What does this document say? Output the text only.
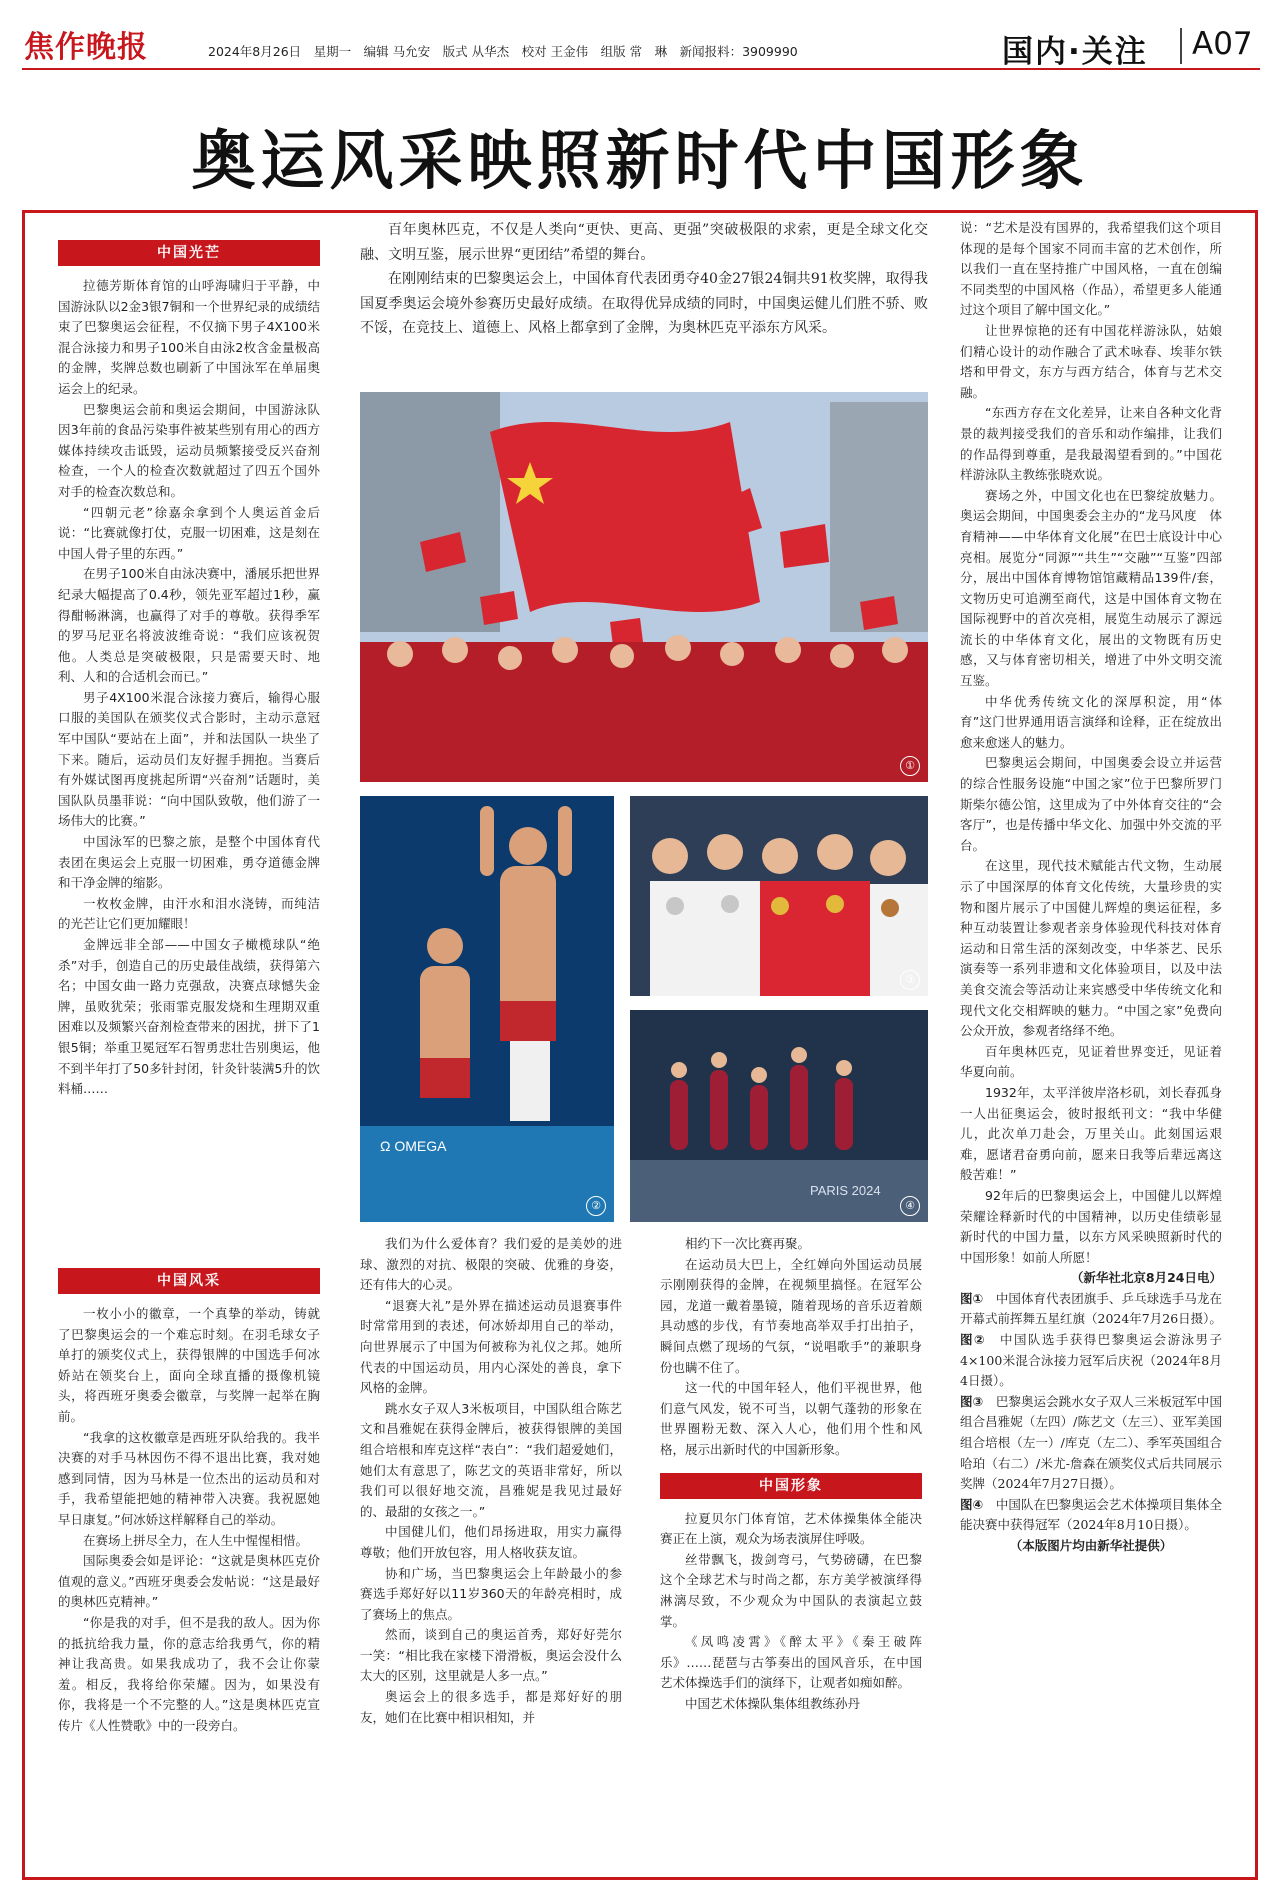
焦作晚报	2024年8月26日　星期一　编辑 马允安　版式 从华杰　校对 王金伟　组版 常　琳　新闻报料：3909990	国内·关注 A07
奥运风采映照新时代中国形象
中国光芒

拉德芳斯体育馆的山呼海啸归于平静，中国游泳队以2金3银7铜和一个世界纪录的成绩结束了巴黎奥运会征程，不仅摘下男子4X100米混合泳接力和男子100米自由泳2枚含金量极高的金牌，奖牌总数也刷新了中国泳军在单届奥运会上的纪录。

巴黎奥运会前和奥运会期间，中国游泳队因3年前的食品污染事件被某些别有用心的西方媒体持续攻击诋毁，运动员频繁接受反兴奋剂检查，一个人的检查次数就超过了四五个国外对手的检查次数总和。

“四朝元老”徐嘉余拿到个人奥运首金后说：“比赛就像打仗，克服一切困难，这是刻在中国人骨子里的东西。”

在男子100米自由泳决赛中，潘展乐把世界纪录大幅提高了0.4秒，领先亚军超过1秒，赢得酣畅淋漓，也赢得了对手的尊敬。获得季军的罗马尼亚名将波波维奇说：“我们应该祝贺他。人类总是突破极限，只是需要天时、地利、人和的合适机会而已。”

男子4X100米混合泳接力赛后，输得心服口服的美国队在颁奖仪式合影时，主动示意冠军中国队“要站在上面”，并和法国队一块坐了下来。随后，运动员们友好握手拥抱。当赛后有外媒试图再度挑起所谓“兴奋剂”话题时，美国队队员墨菲说：“向中国队致敬，他们游了一场伟大的比赛。”

中国泳军的巴黎之旅，是整个中国体育代表团在奥运会上克服一切困难，勇夺道德金牌和干净金牌的缩影。

一枚枚金牌，由汗水和泪水浇铸，而纯洁的光芒让它们更加耀眼！

金牌远非全部——中国女子橄榄球队“绝杀”对手，创造自己的历史最佳战绩，获得第六名；中国女曲一路力克强敌，决赛点球憾失金牌，虽败犹荣；张雨霏克服发烧和生理期双重困难以及频繁兴奋剂检查带来的困扰，拼下了1银5铜；举重卫冕冠军石智勇悲壮告别奥运，他不到半年打了50多针封闭，针灸针装满5升的饮料桶……

中国风采

一枚小小的徽章，一个真挚的举动，铸就了巴黎奥运会的一个难忘时刻。在羽毛球女子单打的颁奖仪式上，获得银牌的中国选手何冰娇站在领奖台上，面向全球直播的摄像机镜头，将西班牙奥委会徽章，与奖牌一起举在胸前。

“我拿的这枚徽章是西班牙队给我的。我半决赛的对手马林因伤不得不退出比赛，我对她感到同情，因为马林是一位杰出的运动员和对手，我希望能把她的精神带入决赛。我祝愿她早日康复。”何冰娇这样解释自己的举动。

在赛场上拼尽全力，在人生中惺惺相惜。

国际奥委会如是评论：“这就是奥林匹克价值观的意义。”西班牙奥委会发帖说：“这是最好的奥林匹克精神。”

“你是我的对手，但不是我的敌人。因为你的抵抗给我力量，你的意志给我勇气，你的精神让我高贵。如果我成功了，我不会让你蒙羞。相反，我将给你荣耀。因为，如果没有你，我将是一个不完整的人。”这是奥林匹克宣传片《人性赞歌》中的一段旁白。

百年奥林匹克，不仅是人类向“更快、更高、更强”突破极限的求索，更是全球文化交融、文明互鉴，展示世界“更团结”希望的舞台。

在刚刚结束的巴黎奥运会上，中国体育代表团勇夺40金27银24铜共91枚奖牌，取得我国夏季奥运会境外参赛历史最好成绩。在取得优异成绩的同时，中国奥运健儿们胜不骄、败不馁，在竞技上、道德上、风格上都拿到了金牌，为奥林匹克平添东方风采。

①
Ω OMEGA
②
③
PARIS 2024
④

我们为什么爱体育？我们爱的是美妙的进球、激烈的对抗、极限的突破、优雅的身姿，还有伟大的心灵。

“退赛大礼”是外界在描述运动员退赛事件时常常用到的表述，何冰娇却用自己的举动，向世界展示了中国为何被称为礼仪之邦。她所代表的中国运动员，用内心深处的善良，拿下风格的金牌。

跳水女子双人3米板项目，中国队组合陈艺文和昌雅妮在获得金牌后，被获得银牌的美国组合培根和库克这样“表白”：“我们超爱她们，她们太有意思了，陈艺文的英语非常好，所以我们可以很好地交流，昌雅妮是我见过最好的、最甜的女孩之一。”

中国健儿们，他们昂扬进取，用实力赢得尊敬；他们开放包容，用人格收获友谊。

协和广场，当巴黎奥运会上年龄最小的参赛选手郑好好以11岁360天的年龄亮相时，成了赛场上的焦点。

然而，谈到自己的奥运首秀，郑好好莞尔一笑：“相比我在家楼下滑滑板，奥运会没什么太大的区别，这里就是人多一点。”

奥运会上的很多选手，都是郑好好的朋友，她们在比赛中相识相知，并

相约下一次比赛再聚。

在运动员大巴上，全红婵向外国运动员展示刚刚获得的金牌，在视频里搞怪。在冠军公园，龙道一戴着墨镜，随着现场的音乐迈着颇具动感的步伐，有节奏地高举双手打出拍子，瞬间点燃了现场的气氛，“说唱歌手”的兼职身份也瞒不住了。

这一代的中国年轻人，他们平视世界，他们意气风发，锐不可当，以朝气蓬勃的形象在世界圈粉无数、深入人心，他们用个性和风格，展示出新时代的中国新形象。

中国形象

拉夏贝尔门体育馆，艺术体操集体全能决赛正在上演，观众为场表演屏住呼吸。

丝带飘飞，拨剑弯弓，气势磅礴，在巴黎这个全球艺术与时尚之都，东方美学被演绎得淋漓尽致，不少观众为中国队的表演起立鼓掌。

《凤鸣凌霄》《醉太平》《秦王破阵乐》……琵琶与古筝奏出的国风音乐，在中国艺术体操选手们的演绎下，让观者如痴如醉。

中国艺术体操队集体组教练孙丹

说：“艺术是没有国界的，我希望我们这个项目体现的是每个国家不同而丰富的艺术创作，所以我们一直在坚持推广中国风格，一直在创编不同类型的中国风格（作品），希望更多人能通过这个项目了解中国文化。”

让世界惊艳的还有中国花样游泳队，姑娘们精心设计的动作融合了武术咏春、埃菲尔铁塔和甲骨文，东方与西方结合，体育与艺术交融。

“东西方存在文化差异，让来自各种文化背景的裁判接受我们的音乐和动作编排，让我们的作品得到尊重，是我最渴望看到的。”中国花样游泳队主教练张晓欢说。

赛场之外，中国文化也在巴黎绽放魅力。奥运会期间，中国奥委会主办的“龙马风度　体育精神——中华体育文化展”在巴士底设计中心亮相。展览分“同源”“共生”“交融”“互鉴”四部分，展出中国体育博物馆馆藏精品139件/套，文物历史可追溯至商代，这是中国体育文物在国际视野中的首次亮相，展览生动展示了源远流长的中华体育文化，展出的文物既有历史感，又与体育密切相关，增进了中外文明交流互鉴。

中华优秀传统文化的深厚积淀，用“体育”这门世界通用语言演绎和诠释，正在绽放出愈来愈迷人的魅力。

巴黎奥运会期间，中国奥委会设立并运营的综合性服务设施“中国之家”位于巴黎所罗门斯柴尔德公馆，这里成为了中外体育交往的“会客厅”，也是传播中华文化、加强中外交流的平台。

在这里，现代技术赋能古代文物，生动展示了中国深厚的体育文化传统，大量珍贵的实物和图片展示了中国健儿辉煌的奥运征程，多种互动装置让参观者亲身体验现代科技对体育运动和日常生活的深刻改变，中华茶艺、民乐演奏等一系列非遗和文化体验项目，以及中法美食交流会等活动让来宾感受中华传统文化和现代文化交相辉映的魅力。“中国之家”免费向公众开放，参观者络绎不绝。

百年奥林匹克，见证着世界变迁，见证着华夏向前。

1932年，太平洋彼岸洛杉矶，刘长春孤身一人出征奥运会，彼时报纸刊文：“我中华健儿，此次单刀赴会，万里关山。此刻国运艰难，愿诸君奋勇向前，愿来日我等后辈远离这般苦难！”

92年后的巴黎奥运会上，中国健儿以辉煌荣耀诠释新时代的中国精神，以历史佳绩彰显新时代的中国力量，以东方风采映照新时代的中国形象！如前人所愿！

（新华社北京8月24日电）

图①　 中国体育代表团旗手、乒乓球选手马龙在开幕式前挥舞五星红旗（2024年7月26日摄）。

图②　 中国队选手获得巴黎奥运会游泳男子4×100米混合泳接力冠军后庆祝（2024年8月4日摄）。

图③　 巴黎奥运会跳水女子双人三米板冠军中国组合昌雅妮（左四）/陈艺文（左三）、亚军美国组合培根（左一）/库克（左二）、季军英国组合哈珀（右二）/米尤-詹森在颁奖仪式后共同展示奖牌（2024年7月27日摄）。

图④　 中国队在巴黎奥运会艺术体操项目集体全能决赛中获得冠军（2024年8月10日摄）。

（本版图片均由新华社提供）
